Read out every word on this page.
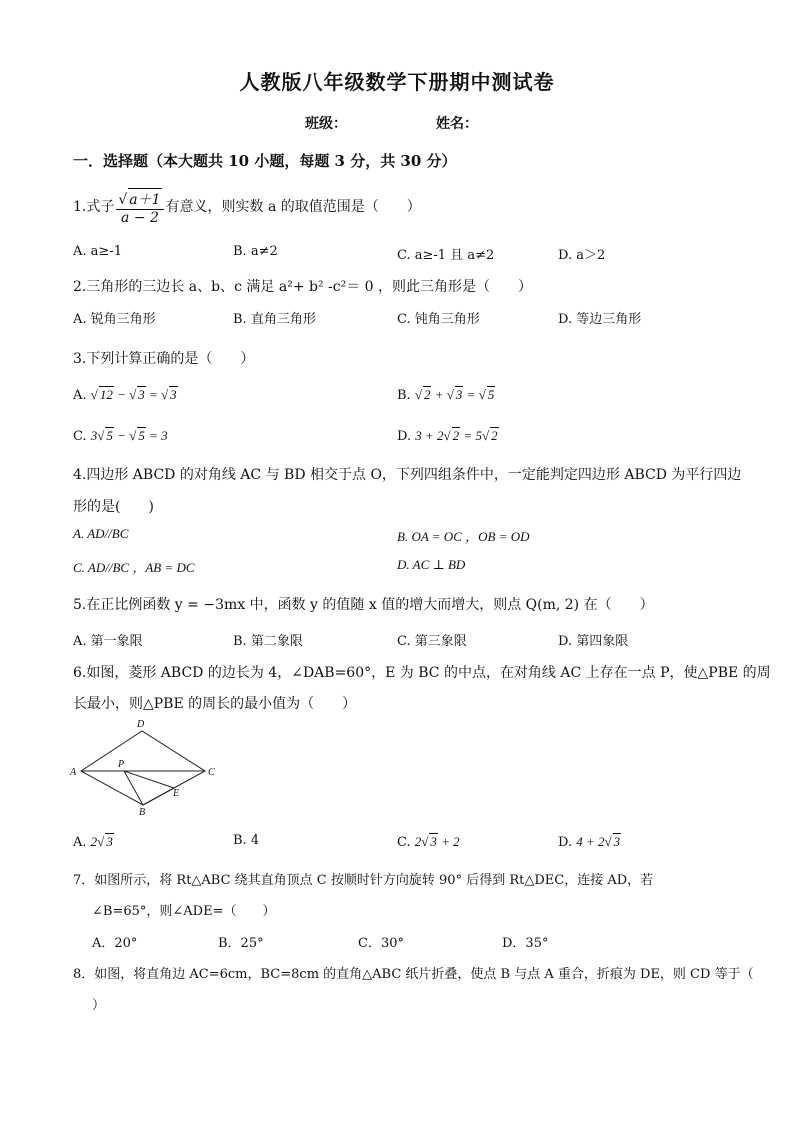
人教版八年级数学下册期中测试卷
班级：	姓名：
一．选择题（本大题共 10 小题，每题 3 分，共 30 分）
1.式子 √ $\frac{a+1}{a - 2}$ 有意义，则实数 a 的取值范围是（　　）
A. a≥-1	B. a≠2	C. a≥-1 且 a≠2	D. a＞2
2.三角形的三边长 a、b、c 满足 a²+ b² -c²＝ 0 ，则此三角形是（　　）
A. 锐角三角形	B. 直角三角形	C. 钝角三角形	D. 等边三角形
3.下列计算正确的是（　　）
A. √ 12 − √ 3 = √ 3	B. √ 2 + √ 3 = √ 5
C. 3 √ 5 − √ 5 = 3	D. 3 + 2 √ 2 = 5 √ 2
4.四边形 ABCD 的对角线 AC 与 BD 相交于点 O，下列四组条件中，一定能判定四边形 ABCD 为平行四边
形的是(　　)
A. AD//BC	B. OA = OC ，OB = OD
C. AD//BC ，AB = DC	D. AC ⊥ BD
5.在正比例函数 y = −3mx 中，函数 y 的值随 x 值的增大而增大，则点 Q(m, 2) 在（　　）
A. 第一象限	B. 第二象限	C. 第三象限	D. 第四象限
6.如图，菱形 ABCD 的边长为 4，∠DAB=60°，E 为 BC 的中点，在对角线 AC 上存在一点 P，使△PBE 的周
长最小，则△PBE 的周长的最小值为（　　）
A
D
C
B
E
P
A. 2 √ 3	B. 4	C. 2 √ 3 + 2	D. 4 + 2 √ 3
7．如图所示，将 Rt△ABC 绕其直角顶点 C 按顺时针方向旋转 90° 后得到 Rt△DEC，连接 AD，若
∠B=65°，则∠ADE=（　　）
A．20°	B．25°	C．30°	D．35°
8．如图，将直角边 AC=6cm，BC=8cm 的直角△ABC 纸片折叠，使点 B 与点 A 重合，折痕为 DE，则 CD 等于（
）
